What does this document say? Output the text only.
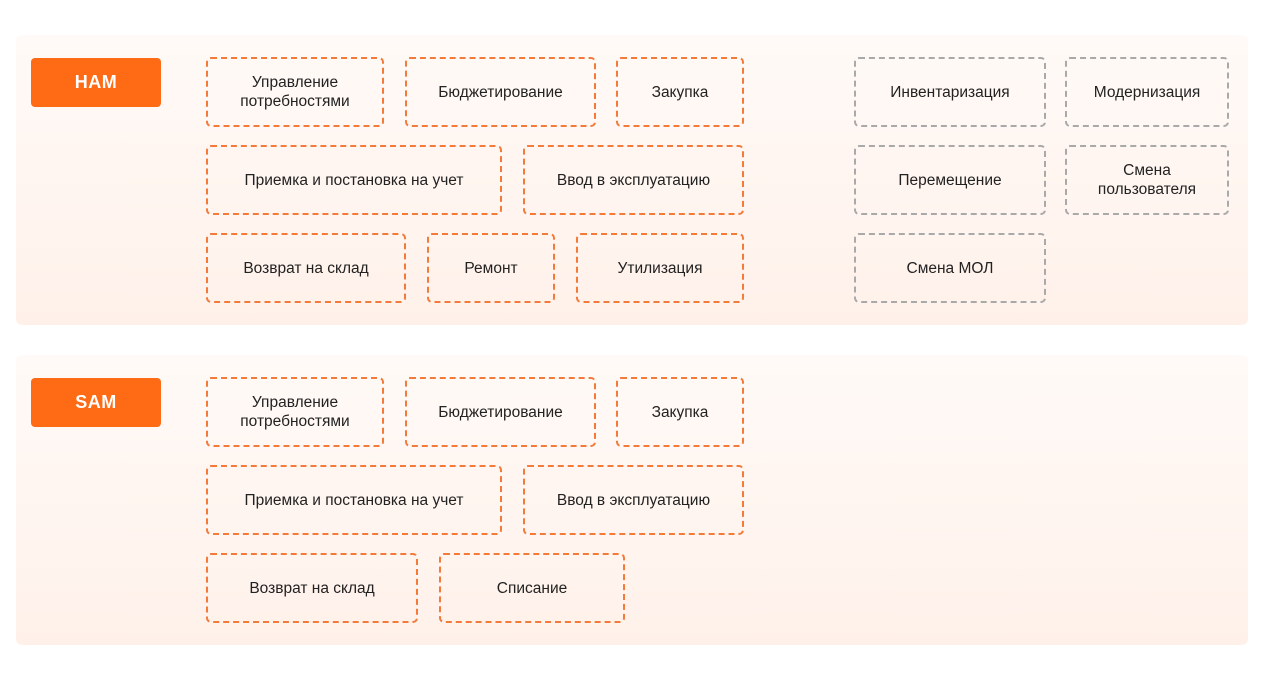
HAM	Управление
потребностями
Бюджетирование	Закупка
Приемка и постановка на учет	Ввод в эксплуатацию
Возврат на склад	Ремонт	Утилизация
Инвентаризация	Модернизация
Перемещение
Смена
пользователя
Смена МОЛ
SAM	Управление
потребностями
Бюджетирование	Закупка
Приемка и постановка на учет	Ввод в эксплуатацию
Возврат на склад	Списание
